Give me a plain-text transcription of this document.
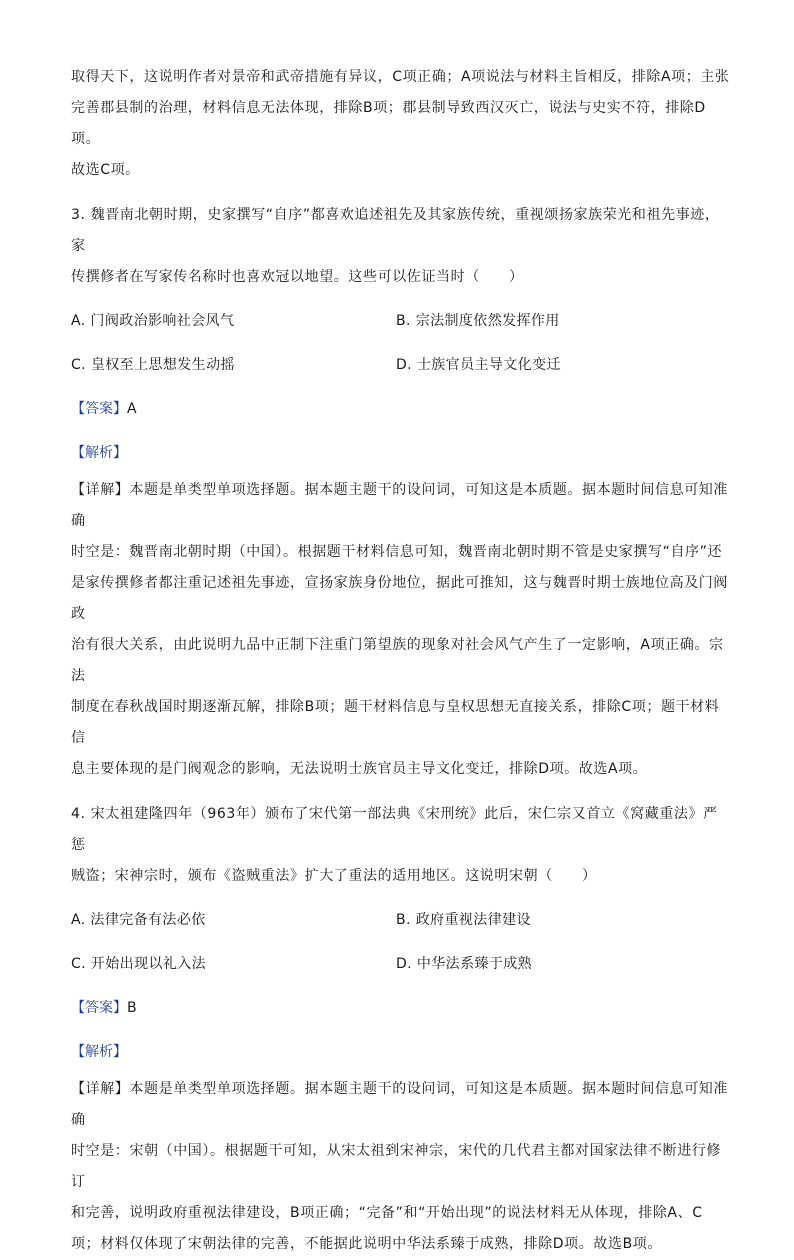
取得天下，这说明作者对景帝和武帝措施有异议，C项正确；A项说法与材料主旨相反，排除A项；主张

完善郡县制的治理，材料信息无法体现，排除B项；郡县制导致西汉灭亡，说法与史实不符，排除D项。

故选C项。

3. 魏晋南北朝时期，史家撰写“自序”都喜欢追述祖先及其家族传统，重视颂扬家族荣光和祖先事迹，家

传撰修者在写家传名称时也喜欢冠以地望。这些可以佐证当时（　　）

A. 门阀政治影响社会风气	B. 宗法制度依然发挥作用
C. 皇权至上思想发生动摇	D. 士族官员主导文化变迁
【答案】A
【解析】

【详解】本题是单类型单项选择题。据本题主题干的设问词，可知这是本质题。据本题时间信息可知准确

时空是：魏晋南北朝时期（中国）。根据题干材料信息可知，魏晋南北朝时期不管是史家撰写“自序”还

是家传撰修者都注重记述祖先事迹，宣扬家族身份地位，据此可推知，这与魏晋时期士族地位高及门阀政

治有很大关系，由此说明九品中正制下注重门第望族的现象对社会风气产生了一定影响，A项正确。宗法

制度在春秋战国时期逐渐瓦解，排除B项；题干材料信息与皇权思想无直接关系，排除C项；题干材料信

息主要体现的是门阀观念的影响，无法说明士族官员主导文化变迁，排除D项。故选A项。

4. 宋太祖建隆四年（963年）颁布了宋代第一部法典《宋刑统》此后，宋仁宗又首立《窝藏重法》严惩

贼盗；宋神宗时，颁布《盗贼重法》扩大了重法的适用地区。这说明宋朝（　　）

A. 法律完备有法必依	B. 政府重视法律建设
C. 开始出现以礼入法	D. 中华法系臻于成熟
【答案】B
【解析】

【详解】本题是单类型单项选择题。据本题主题干的设问词，可知这是本质题。据本题时间信息可知准确

时空是：宋朝（中国）。根据题干可知，从宋太祖到宋神宗，宋代的几代君主都对国家法律不断进行修订

和完善，说明政府重视法律建设，B项正确；“完备”和“开始出现”的说法材料无从体现，排除A、C

项；材料仅体现了宋朝法律的完善，不能据此说明中华法系臻于成熟，排除D项。故选B项。
